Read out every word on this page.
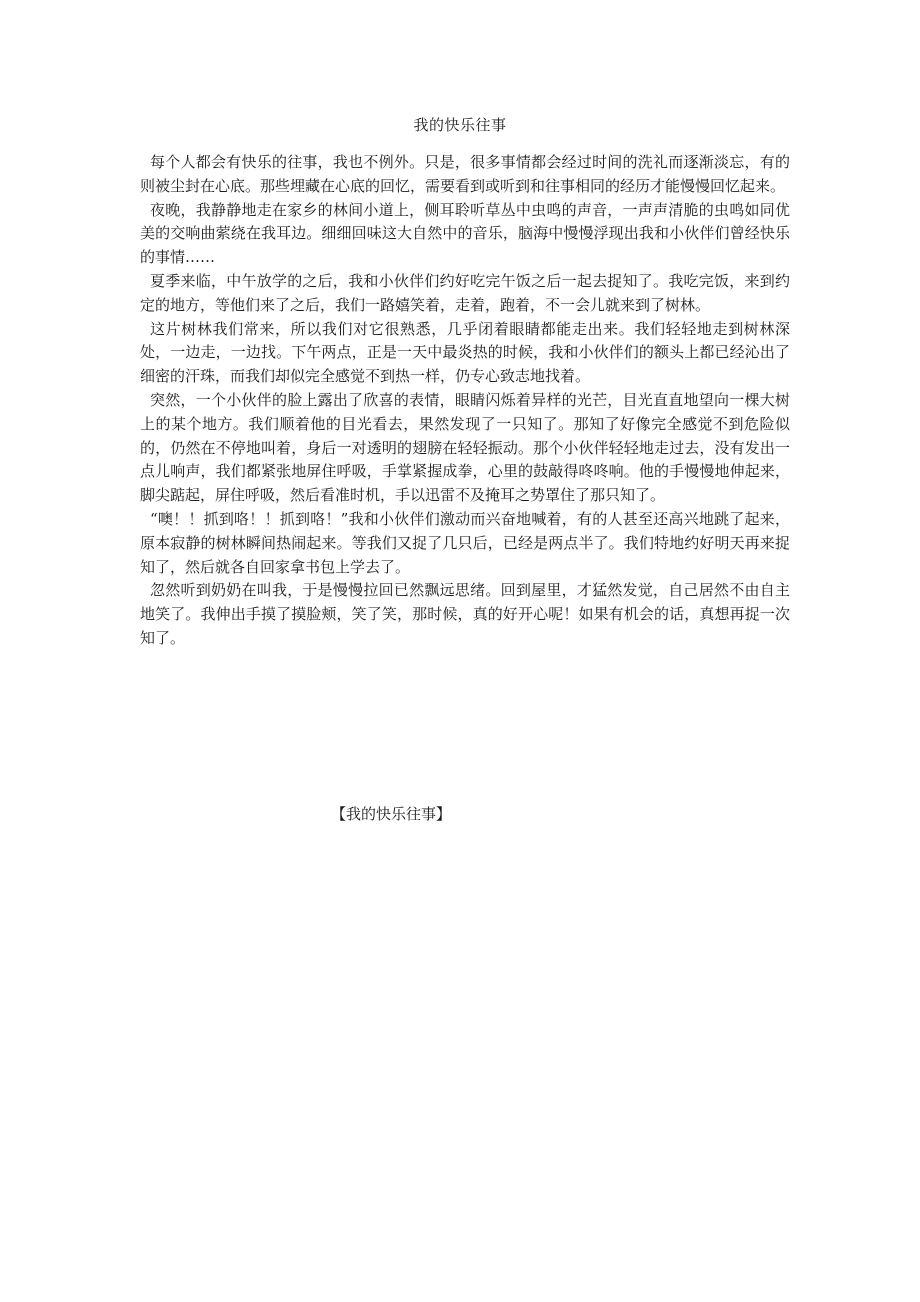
我的快乐往事

每个人都会有快乐的往事，我也不例外。只是，很多事情都会经过时间的洗礼而逐渐淡忘，有的则被尘封在心底。那些埋藏在心底的回忆，需要看到或听到和往事相同的经历才能慢慢回忆起来。

夜晚，我静静地走在家乡的林间小道上，侧耳聆听草丛中虫鸣的声音，一声声清脆的虫鸣如同优美的交响曲萦绕在我耳边。细细回味这大自然中的音乐，脑海中慢慢浮现出我和小伙伴们曾经快乐的事情……

夏季来临，中午放学的之后，我和小伙伴们约好吃完午饭之后一起去捉知了。我吃完饭，来到约定的地方，等他们来了之后，我们一路嬉笑着，走着，跑着，不一会儿就来到了树林。

这片树林我们常来，所以我们对它很熟悉，几乎闭着眼睛都能走出来。我们轻轻地走到树林深处，一边走，一边找。下午两点，正是一天中最炎热的时候，我和小伙伴们的额头上都已经沁出了细密的汗珠，而我们却似完全感觉不到热一样，仍专心致志地找着。

突然，一个小伙伴的脸上露出了欣喜的表情，眼睛闪烁着异样的光芒，目光直直地望向一棵大树上的某个地方。我们顺着他的目光看去，果然发现了一只知了。那知了好像完全感觉不到危险似的，仍然在不停地叫着，身后一对透明的翅膀在轻轻振动。那个小伙伴轻轻地走过去，没有发出一点儿响声，我们都紧张地屏住呼吸，手掌紧握成拳，心里的鼓敲得咚咚响。他的手慢慢地伸起来，脚尖踮起，屏住呼吸，然后看准时机，手以迅雷不及掩耳之势罩住了那只知了。

“噢！！抓到咯！！抓到咯！”我和小伙伴们激动而兴奋地喊着，有的人甚至还高兴地跳了起来，原本寂静的树林瞬间热闹起来。等我们又捉了几只后，已经是两点半了。我们特地约好明天再来捉知了，然后就各自回家拿书包上学去了。

忽然听到奶奶在叫我，于是慢慢拉回已然飘远思绪。回到屋里，才猛然发觉，自己居然不由自主地笑了。我伸出手摸了摸脸颊，笑了笑，那时候，真的好开心呢！如果有机会的话，真想再捉一次知了。

【我的快乐往事】
